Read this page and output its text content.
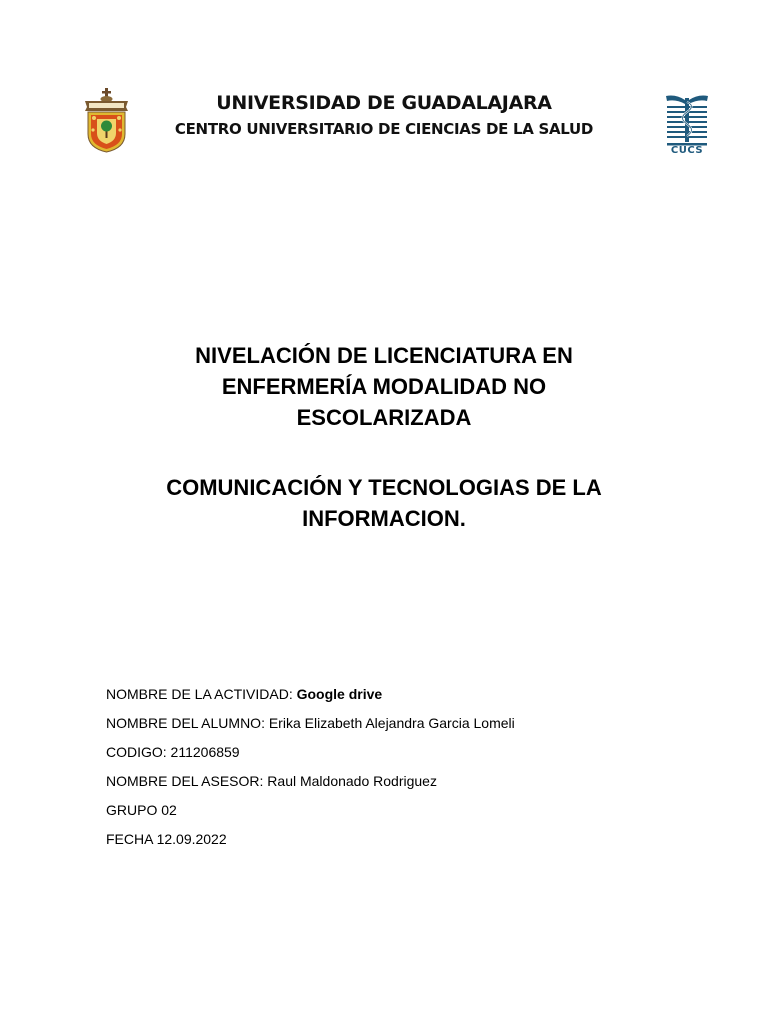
UNIVERSIDAD DE GUADALAJARA
CENTRO UNIVERSITARIO DE CIENCIAS DE LA SALUD
CUCS
NIVELACIÓN DE LICENCIATURA EN
ENFERMERÍA MODALIDAD NO
ESCOLARIZADA
COMUNICACIÓN Y TECNOLOGIAS DE LA
INFORMACION.
NOMBRE DE LA ACTIVIDAD: Google drive
NOMBRE DEL ALUMNO: Erika Elizabeth Alejandra Garcia Lomeli
CODIGO: 211206859
NOMBRE DEL ASESOR: Raul Maldonado Rodriguez
GRUPO 02
FECHA 12.09.2022
